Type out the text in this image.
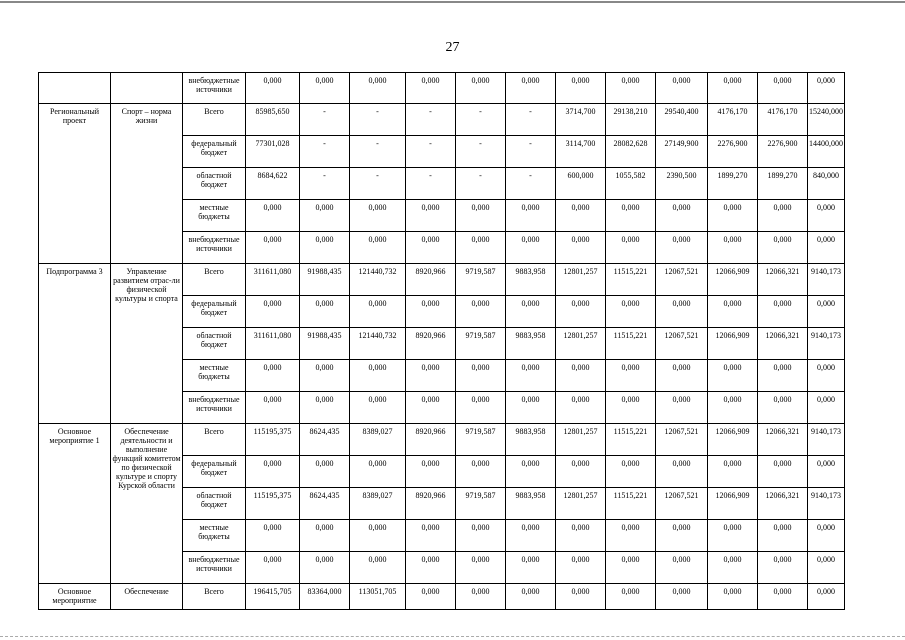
27
		внебюджетные источники	0,000	0,000	0,000	0,000	0,000	0,000	0,000	0,000	0,000	0,000	0,000	0,000
Региональный проект	Спорт – норма жизни	Всего	85985,650	-	-	-	-	-	3714,700	29138,210	29540,400	4176,170	4176,170	15240,000
		федеральный бюджет	77301,028	-	-	-	-	-	3114,700	28082,628	27149,900	2276,900	2276,900	14400,000
		областной бюджет	8684,622	-	-	-	-	-	600,000	1055,582	2390,500	1899,270	1899,270	840,000
		местные бюджеты	0,000	0,000	0,000	0,000	0,000	0,000	0,000	0,000	0,000	0,000	0,000	0,000
		внебюджетные источники	0,000	0,000	0,000	0,000	0,000	0,000	0,000	0,000	0,000	0,000	0,000	0,000
Подпрограмма 3	Управление развитием отрас-ли физической культуры и спорта	Всего	311611,080	91988,435	121440,732	8920,966	9719,587	9883,958	12801,257	11515,221	12067,521	12066,909	12066,321	9140,173
		федеральный бюджет	0,000	0,000	0,000	0,000	0,000	0,000	0,000	0,000	0,000	0,000	0,000	0,000
		областной бюджет	311611,080	91988,435	121440,732	8920,966	9719,587	9883,958	12801,257	11515,221	12067,521	12066,909	12066,321	9140,173
		местные бюджеты	0,000	0,000	0,000	0,000	0,000	0,000	0,000	0,000	0,000	0,000	0,000	0,000
		внебюджетные источники	0,000	0,000	0,000	0,000	0,000	0,000	0,000	0,000	0,000	0,000	0,000	0,000
Основное мероприятие 1	Обеспечение деятельности и выполнение функций комитетом по физической культуре и спорту Курской области	Всего	115195,375	8624,435	8389,027	8920,966	9719,587	9883,958	12801,257	11515,221	12067,521	12066,909	12066,321	9140,173
		федеральный бюджет	0,000	0,000	0,000	0,000	0,000	0,000	0,000	0,000	0,000	0,000	0,000	0,000
		областной бюджет	115195,375	8624,435	8389,027	8920,966	9719,587	9883,958	12801,257	11515,221	12067,521	12066,909	12066,321	9140,173
		местные бюджеты	0,000	0,000	0,000	0,000	0,000	0,000	0,000	0,000	0,000	0,000	0,000	0,000
		внебюджетные источники	0,000	0,000	0,000	0,000	0,000	0,000	0,000	0,000	0,000	0,000	0,000	0,000
Основное мероприятие	Обеспечение	Всего	196415,705	83364,000	113051,705	0,000	0,000	0,000	0,000	0,000	0,000	0,000	0,000	0,000
